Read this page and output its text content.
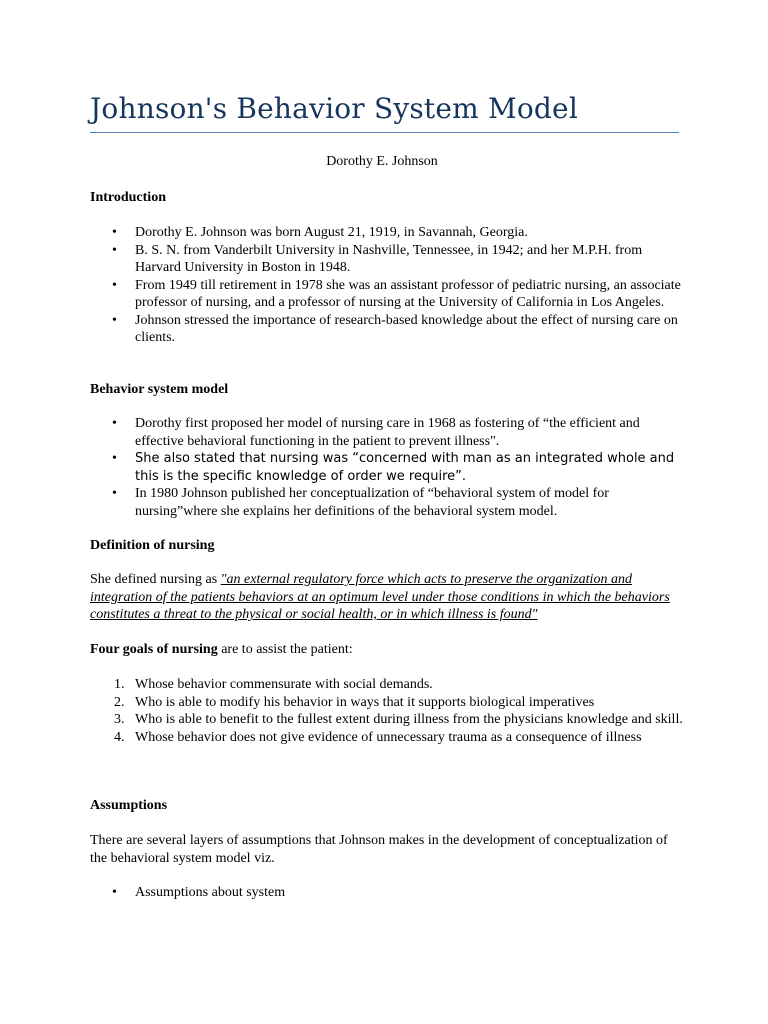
Johnson's Behavior System Model

Dorothy E. Johnson

Introduction

•	Dorothy E. Johnson was born August 21, 1919, in Savannah, Georgia.
•	B. S. N. from Vanderbilt University in Nashville, Tennessee, in 1942; and her M.P.H. from Harvard University in Boston in 1948.
•	From 1949 till retirement in 1978 she was an assistant professor of pediatric nursing, an associate professor of nursing, and a professor of nursing at the University of California in Los Angeles.
•	Johnson stressed the importance of research-based knowledge about the effect of nursing care on clients.

Behavior system model

•	Dorothy first proposed her model of nursing care in 1968 as fostering of “the efficient and effective behavioral functioning in the patient to prevent illness".
•	She also stated that nursing was “concerned with man as an integrated whole and this is the specific knowledge of order we require”.
•	In 1980 Johnson published her conceptualization of “behavioral system of model for nursing”where she explains her definitions of the behavioral system model.

Definition of nursing

She defined nursing as "an external regulatory force which acts to preserve the organization and integration of the patients behaviors at an optimum level under those conditions in which the behaviors constitutes a threat to the physical or social health, or in which illness is found"

Four goals of nursing are to assist the patient:

1. Whose behavior commensurate with social demands.
2. Who is able to modify his behavior in ways that it supports biological imperatives
3. Who is able to benefit to the fullest extent during illness from the physicians knowledge and skill.
4. Whose behavior does not give evidence of unnecessary trauma as a consequence of illness

Assumptions

There are several layers of assumptions that Johnson makes in the development of conceptualization of the behavioral system model viz.

•	Assumptions about system
